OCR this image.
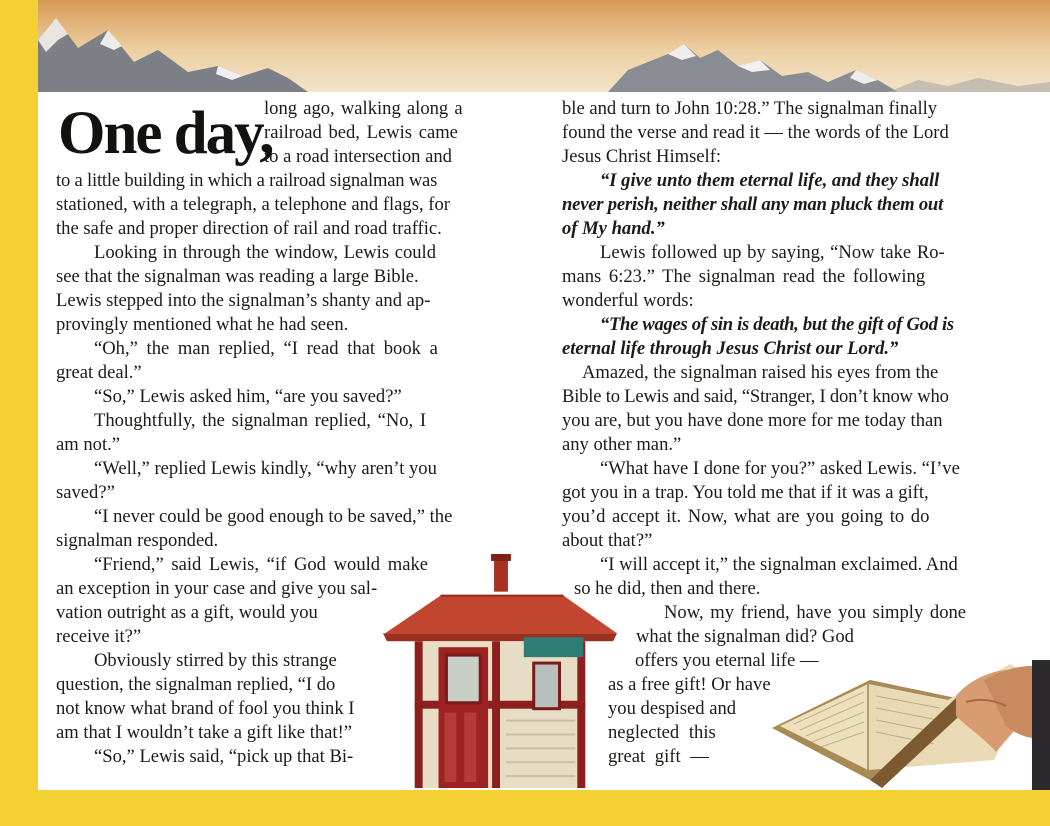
One day,

long ago, walking along a

railroad bed, Lewis came

to a road intersection and

to a little building in which a railroad signalman was

stationed, with a telegraph, a telephone and flags, for

the safe and proper direction of rail and road traffic.

Looking in through the window, Lewis could

see that the signalman was reading a large Bible.

Lewis stepped into the signalman’s shanty and ap-

provingly mentioned what he had seen.

“Oh,” the man replied, “I read that book a

great deal.”

“So,” Lewis asked him, “are you saved?”

Thoughtfully, the signalman replied, “No, I

am not.”

“Well,” replied Lewis kindly, “why aren’t you

saved?”

“I never could be good enough to be saved,” the

signalman responded.

“Friend,” said Lewis, “if God would make

an exception in your case and give you sal-

vation outright as a gift, would you

receive it?”

Obviously stirred by this strange

question, the signalman replied, “I do

not know what brand of fool you think I

am that I wouldn’t take a gift like that!”

“So,” Lewis said, “pick up that Bi-

ble and turn to John 10:28.” The signalman finally

found the verse and read it — the words of the Lord

Jesus Christ Himself:

“I give unto them eternal life, and they shall

never perish, neither shall any man pluck them out

of My hand.”

Lewis followed up by saying, “Now take Ro-

mans 6:23.” The signalman read the following

wonderful words:

“The wages of sin is death, but the gift of God is

eternal life through Jesus Christ our Lord.”

Amazed, the signalman raised his eyes from the

Bible to Lewis and said, “Stranger, I don’t know who

you are, but you have done more for me today than

any other man.”

“What have I done for you?” asked Lewis. “I’ve

got you in a trap. You told me that if it was a gift,

you’d accept it. Now, what are you going to do

about that?”

“I will accept it,” the signalman exclaimed. And

so he did, then and there.

Now, my friend, have you simply done

what the signalman did? God

offers you eternal life —

as a free gift! Or have

you despised and

neglected this

great gift —
